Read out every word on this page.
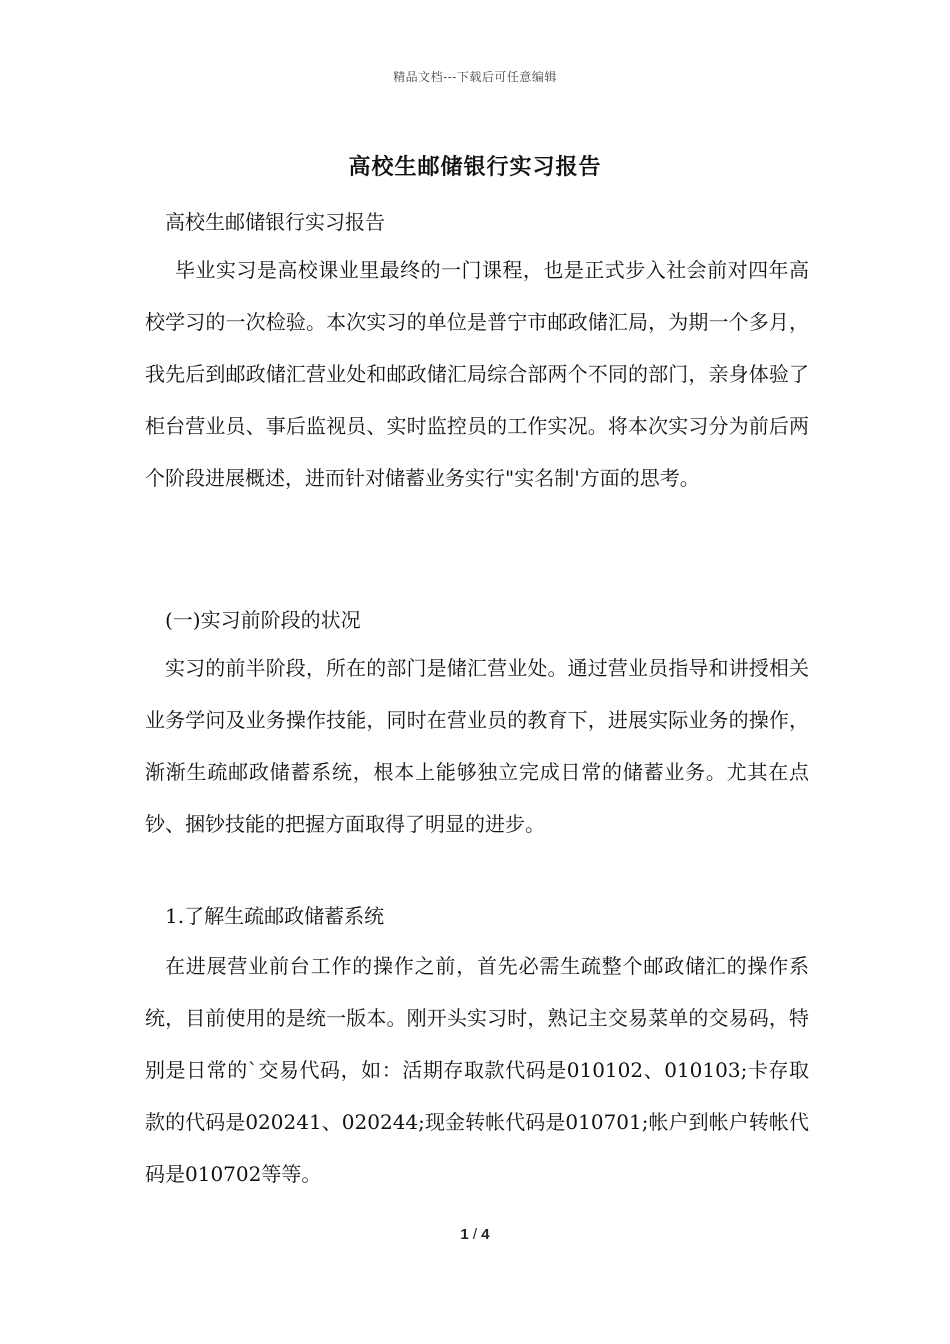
精品文档---下载后可任意编辑
高校生邮储银行实习报告
高校生邮储银行实习报告
毕业实习是高校课业里最终的一门课程，也是正式步入社会前对四年高校学习的一次检验。本次实习的单位是普宁市邮政储汇局，为期一个多月，我先后到邮政储汇营业处和邮政储汇局综合部两个不同的部门，亲身体验了柜台营业员、事后监视员、实时监控员的工作实况。将本次实习分为前后两个阶段进展概述，进而针对储蓄业务实行"实名制'方面的思考。
(一)实习前阶段的状况
实习的前半阶段，所在的部门是储汇营业处。通过营业员指导和讲授相关业务学问及业务操作技能，同时在营业员的教育下，进展实际业务的操作，渐渐生疏邮政储蓄系统，根本上能够独立完成日常的储蓄业务。尤其在点钞、捆钞技能的把握方面取得了明显的进步。
1.了解生疏邮政储蓄系统
在进展营业前台工作的操作之前，首先必需生疏整个邮政储汇的操作系统，目前使用的是统一版本。刚开头实习时，熟记主交易菜单的交易码，特别是日常的`交易代码，如：活期存取款代码是010102、010103;卡存取款的代码是020241、020244;现金转帐代码是010701;帐户到帐户转帐代码是010702等等。
1 / 4
